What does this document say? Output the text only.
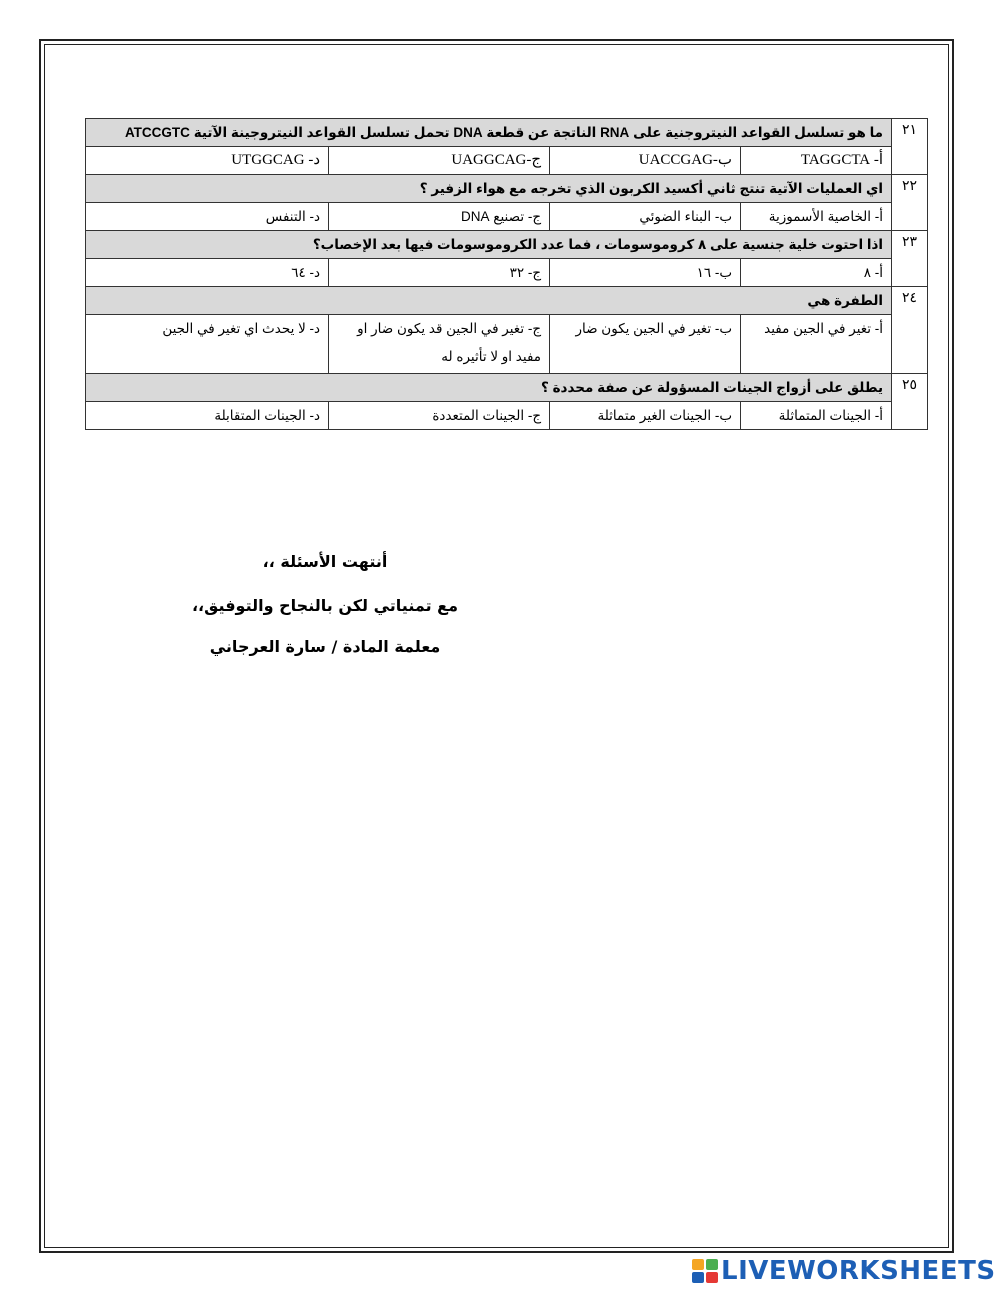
٢١	ما هو تسلسل القواعد النيتروجنية على RNA الناتجة عن قطعة DNA تحمل تسلسل القواعد النيتروجينة الآتية ATCCGTC			
	أ- TAGGCTA	ب-UACCGAG	ج-UAGGCAG	د- UTGGCAG
٢٢	اي العمليات الآتية تنتج ثاني أكسيد الكربون الذي تخرجه مع هواء الزفير ؟			
	أ- الخاصية الأسموزية	ب- البناء الضوئي	ج- تصنيع DNA	د- التنفس
٢٣	اذا احتوت خلية جنسية على ٨ كروموسومات ، فما عدد الكروموسومات فيها بعد الإخصاب؟			
	أ- ٨	ب- ١٦	ج- ٣٢	د- ٦٤
٢٤	الطفرة هي			
	أ- تغير في الجين مفيد	ب- تغير في الجين يكون ضار	ج- تغير في الجين قد يكون ضار او مفيد او لا تأثيره له	د- لا يحدث اي تغير في الجين
٢٥	يطلق على أزواج الجينات المسؤولة عن صفة محددة ؟			
	أ- الجينات المتماثلة	ب- الجينات الغير متماثلة	ج- الجينات المتعددة	د- الجينات المتقابلة
أنتهت الأسئلة ،،
مع تمنياتي لكن بالنجاح والتوفيق،،
معلمة المادة / سارة العرجاني
LIVEWORKSHEETS
